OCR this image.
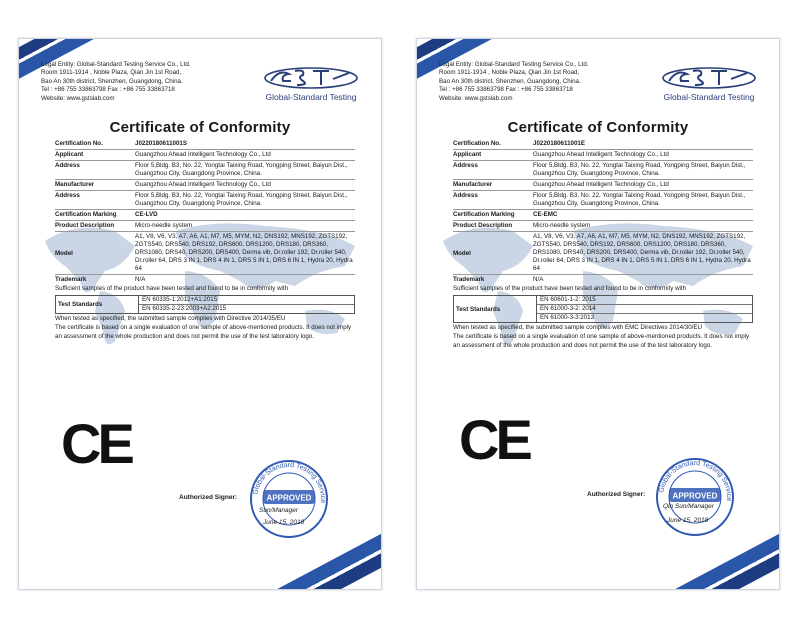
Legal Entity: Global-Standard Testing Service Co., Ltd.
Room 1911-1914 , Noble Plaza, Qian Jin 1st Road,
Bao An 30th district, Shenzhen, Guangdong, China.
Tel : +86 755 33863798 Fax : +86 755 33863718
Website: www.gstslab.com	Global-Standard Testing
Certificate of Conformity
Certification No.	J0220180611001S
Applicant	Guangzhou Ahead Intelligent Technology Co., Ltd
Address	Floor 5,Bldg. B3, No. 22, Yongtai Taixing Road, Yongping Street, Baiyun Dist., Guangzhou City, Guangdong Province, China.
Manufacturer	Guangzhou Ahead Intelligent Technology Co., Ltd
Address	Floor 5,Bldg. B3, No. 22, Yongtai Taixing Road, Yongping Street, Baiyun Dist., Guangzhou City, Guangdong Province, China.
Certification Marking	CE-LVD
Product Description	Micro-needle system
Model
A1, V8, V6, V3, A7, A6, A1, M7, M5, MYM, N2, DNS192, MNS192, ZGTS192, ZGTS540, DRS540, DRS192, DRS600, DRS1200, DRS180, DRS360, DRS1080, DRS40, DRS200, DRS400, Derma vib, Dr.roller 192, Dr.roller 540, Dr.roller 64, DRS 3 IN 1, DRS 4 IN 1, DRS 5 IN 1, DRS 6 IN 1, Hydra 20, Hydra 64
Trademark	N/A
Sufficient samples of the product have been tested and found to be in conformity with
Test Standards
EN 60335-1:2012+A1:2015
EN 60335-2-23:2003+A2:2015
When tested as specified, the submitted sample complies with Directive 2014/35/EU
The certificate is based on a single evaluation of one sample of above-mentioned products. It does not imply an assessment of the whole production and does not permit the use of the test laboratory logo.
CE
Authorized Signer:
Global-Standard Testing Service
APPROVED
Sun/Manager
June 15, 2018
Legal Entity: Global-Standard Testing Service Co., Ltd.
Room 1911-1914 , Noble Plaza, Qian Jin 1st Road,
Bao An 30th district, Shenzhen, Guangdong, China.
Tel : +86 755 33863798 Fax : +86 755 33863718
Website: www.gstslab.com	Global-Standard Testing
Certificate of Conformity
Certification No.	J0220180611001E
Applicant	Guangzhou Ahead Intelligent Technology Co., Ltd
Address	Floor 5,Bldg. B3, No. 22, Yongtai Taixing Road, Yongping Street, Baiyun Dist., Guangzhou City, Guangdong Province, China.
Manufacturer	Guangzhou Ahead Intelligent Technology Co., Ltd
Address	Floor 5,Bldg. B3, No. 22, Yongtai Taixing Road, Yongping Street, Baiyun Dist., Guangzhou City, Guangdong Province, China.
Certification Marking	CE-EMC
Product Description	Micro-needle system
Model
A1, V8, V6, V3, A7, A6, A1, M7, M5, MYM, N2, DNS192, MNS192, ZGTS192, ZGTS540, DRS540, DRS192, DRS600, DRS1200, DRS180, DRS360, DRS1080, DRS40, DRS200, DRS400, Derma vib, Dr.roller 192, Dr.roller 540, Dr.roller 64, DRS 3 IN 1, DRS 4 IN 1, DRS 5 IN 1, DRS 6 IN 1, Hydra 20, Hydra 64
Trademark	N/A
Sufficient samples of the product have been tested and found to be in conformity with
Test Standards
EN 60601-1-2: 2015
EN 61000-3-2: 2014
EN 61000-3-3:2013
When tested as specified, the submitted sample complies with EMC Directives 2014/30/EU
The certificate is based on a single evaluation of one sample of above-mentioned products. It does not imply an assessment of the whole production and does not permit the use of the test laboratory logo.
CE
Authorized Signer:
Global-Standard Testing Service
APPROVED
Qin Sun/Manager
June 15, 2018
